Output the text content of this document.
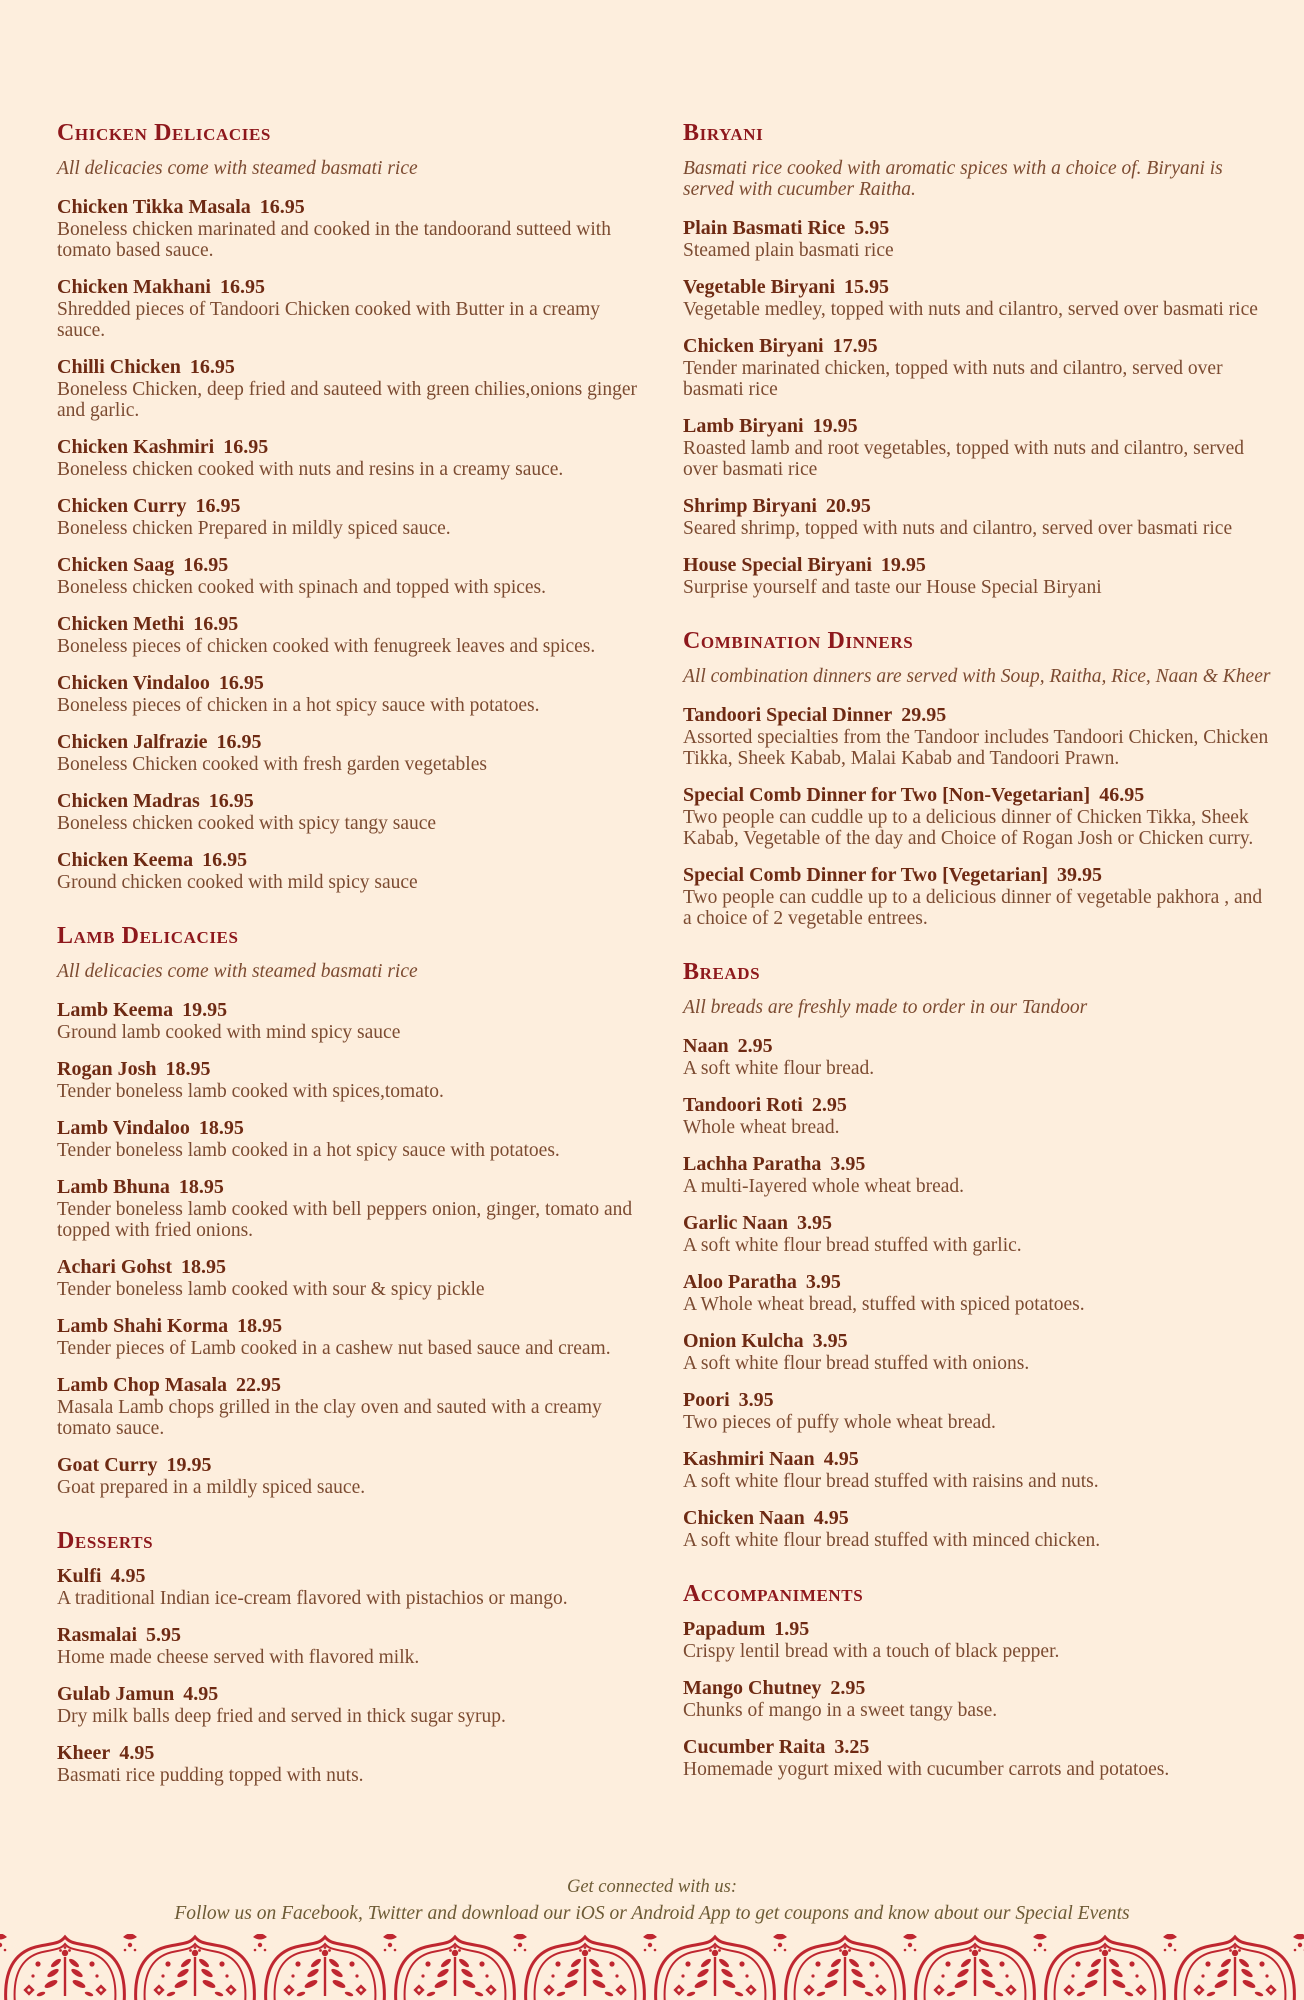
Chicken Delicacies

All delicacies come with steamed basmati rice

Chicken Tikka Masala 16.95
Boneless chicken marinated and cooked in the tandoorand sutteed with tomato based sauce.
Chicken Makhani 16.95
Shredded pieces of Tandoori Chicken cooked with Butter in a creamy sauce.
Chilli Chicken 16.95
Boneless Chicken, deep fried and sauteed with green chilies,onions ginger and garlic.
Chicken Kashmiri 16.95
Boneless chicken cooked with nuts and resins in a creamy sauce.
Chicken Curry 16.95
Boneless chicken Prepared in mildly spiced sauce.
Chicken Saag 16.95
Boneless chicken cooked with spinach and topped with spices.
Chicken Methi 16.95
Boneless pieces of chicken cooked with fenugreek leaves and spices.
Chicken Vindaloo 16.95
Boneless pieces of chicken in a hot spicy sauce with potatoes.
Chicken Jalfrazie 16.95
Boneless Chicken cooked with fresh garden vegetables
Chicken Madras 16.95
Boneless chicken cooked with spicy tangy sauce
Chicken Keema 16.95
Ground chicken cooked with mild spicy sauce
Lamb Delicacies

All delicacies come with steamed basmati rice

Lamb Keema 19.95
Ground lamb cooked with mind spicy sauce
Rogan Josh 18.95
Tender boneless lamb cooked with spices,tomato.
Lamb Vindaloo 18.95
Tender boneless lamb cooked in a hot spicy sauce with potatoes.
Lamb Bhuna 18.95
Tender boneless lamb cooked with bell peppers onion, ginger, tomato and topped with fried onions.
Achari Gohst 18.95
Tender boneless lamb cooked with sour & spicy pickle
Lamb Shahi Korma 18.95
Tender pieces of Lamb cooked in a cashew nut based sauce and cream.
Lamb Chop Masala 22.95
Masala Lamb chops grilled in the clay oven and sauted with a creamy tomato sauce.
Goat Curry 19.95
Goat prepared in a mildly spiced sauce.
Desserts
Kulfi 4.95
A traditional Indian ice-cream flavored with pistachios or mango.
Rasmalai 5.95
Home made cheese served with flavored milk.
Gulab Jamun 4.95
Dry milk balls deep fried and served in thick sugar syrup.
Kheer 4.95
Basmati rice pudding topped with nuts.
Biryani

Basmati rice cooked with aromatic spices with a choice of. Biryani is served with cucumber Raitha.

Plain Basmati Rice 5.95
Steamed plain basmati rice
Vegetable Biryani 15.95
Vegetable medley, topped with nuts and cilantro, served over basmati rice
Chicken Biryani 17.95
Tender marinated chicken, topped with nuts and cilantro, served over basmati rice
Lamb Biryani 19.95
Roasted lamb and root vegetables, topped with nuts and cilantro, served over basmati rice
Shrimp Biryani 20.95
Seared shrimp, topped with nuts and cilantro, served over basmati rice
House Special Biryani 19.95
Surprise yourself and taste our House Special Biryani
Combination Dinners

All combination dinners are served with Soup, Raitha, Rice, Naan & Kheer

Tandoori Special Dinner 29.95
Assorted specialties from the Tandoor includes Tandoori Chicken, Chicken Tikka, Sheek Kabab, Malai Kabab and Tandoori Prawn.
Special Comb Dinner for Two [Non-Vegetarian] 46.95
Two people can cuddle up to a delicious dinner of Chicken Tikka, Sheek Kabab, Vegetable of the day and Choice of Rogan Josh or Chicken curry.
Special Comb Dinner for Two [Vegetarian] 39.95
Two people can cuddle up to a delicious dinner of vegetable pakhora , and a choice of 2 vegetable entrees.
Breads

All breads are freshly made to order in our Tandoor

Naan 2.95
A soft white flour bread.
Tandoori Roti 2.95
Whole wheat bread.
Lachha Paratha 3.95
A multi-Iayered whole wheat bread.
Garlic Naan 3.95
A soft white flour bread stuffed with garlic.
Aloo Paratha 3.95
A Whole wheat bread, stuffed with spiced potatoes.
Onion Kulcha 3.95
A soft white flour bread stuffed with onions.
Poori 3.95
Two pieces of puffy whole wheat bread.
Kashmiri Naan 4.95
A soft white flour bread stuffed with raisins and nuts.
Chicken Naan 4.95
A soft white flour bread stuffed with minced chicken.
Accompaniments
Papadum 1.95
Crispy lentil bread with a touch of black pepper.
Mango Chutney 2.95
Chunks of mango in a sweet tangy base.
Cucumber Raita 3.25
Homemade yogurt mixed with cucumber carrots and potatoes.
Get connected with us:
Follow us on Facebook, Twitter and download our iOS or Android App to get coupons and know about our Special Events
